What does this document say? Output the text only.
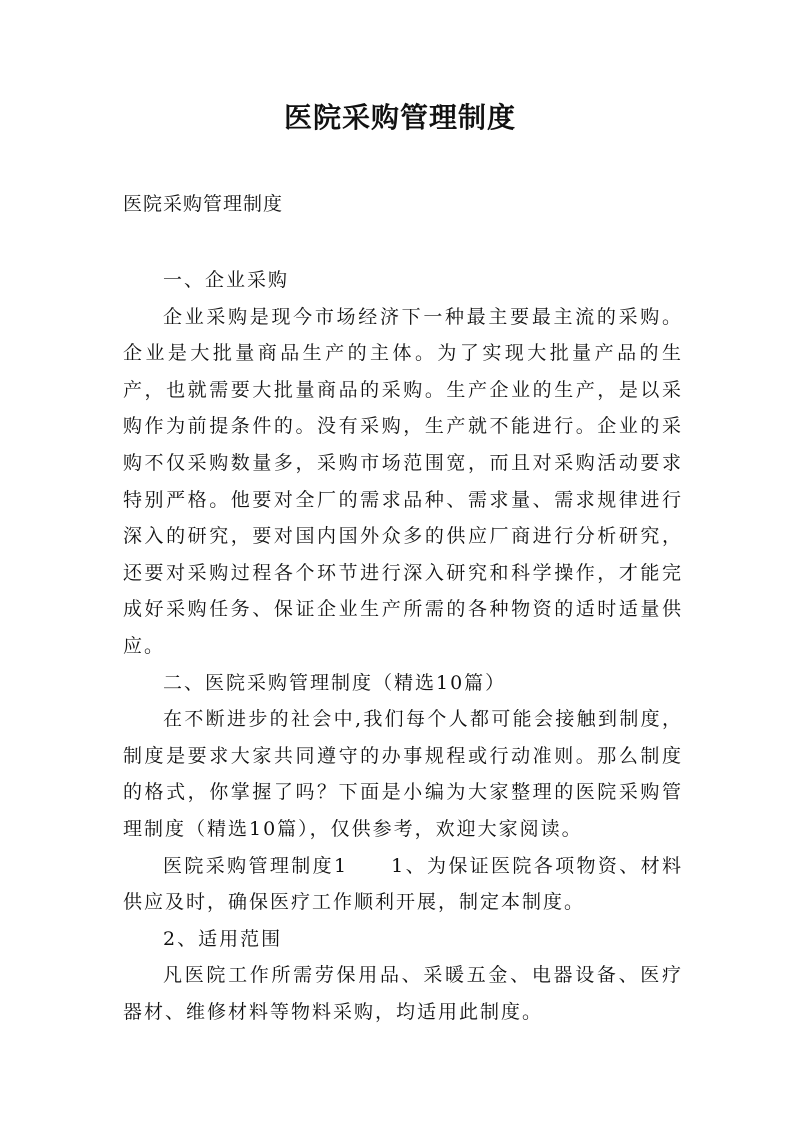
医院采购管理制度
医院采购管理制度

一、企业采购

企业采购是现今市场经济下一种最主要最主流的采购。企业是大批量商品生产的主体。为了实现大批量产品的生产，也就需要大批量商品的采购。生产企业的生产，是以采购作为前提条件的。没有采购，生产就不能进行。企业的采购不仅采购数量多，采购市场范围宽，而且对采购活动要求特别严格。他要对全厂的需求品种、需求量、需求规律进行深入的研究，要对国内国外众多的供应厂商进行分析研究，还要对采购过程各个环节进行深入研究和科学操作，才能完成好采购任务、保证企业生产所需的各种物资的适时适量供应。

二、医院采购管理制度（精选10篇）

在不断进步的社会中,我们每个人都可能会接触到制度，制度是要求大家共同遵守的办事规程或行动准则。那么制度的格式，你掌握了吗？下面是小编为大家整理的医院采购管理制度（精选10篇），仅供参考，欢迎大家阅读。

医院采购管理制度1　　1、为保证医院各项物资、材料供应及时，确保医疗工作顺利开展，制定本制度。

2、适用范围

凡医院工作所需劳保用品、采暖五金、电器设备、医疗器材、维修材料等物料采购，均适用此制度。
